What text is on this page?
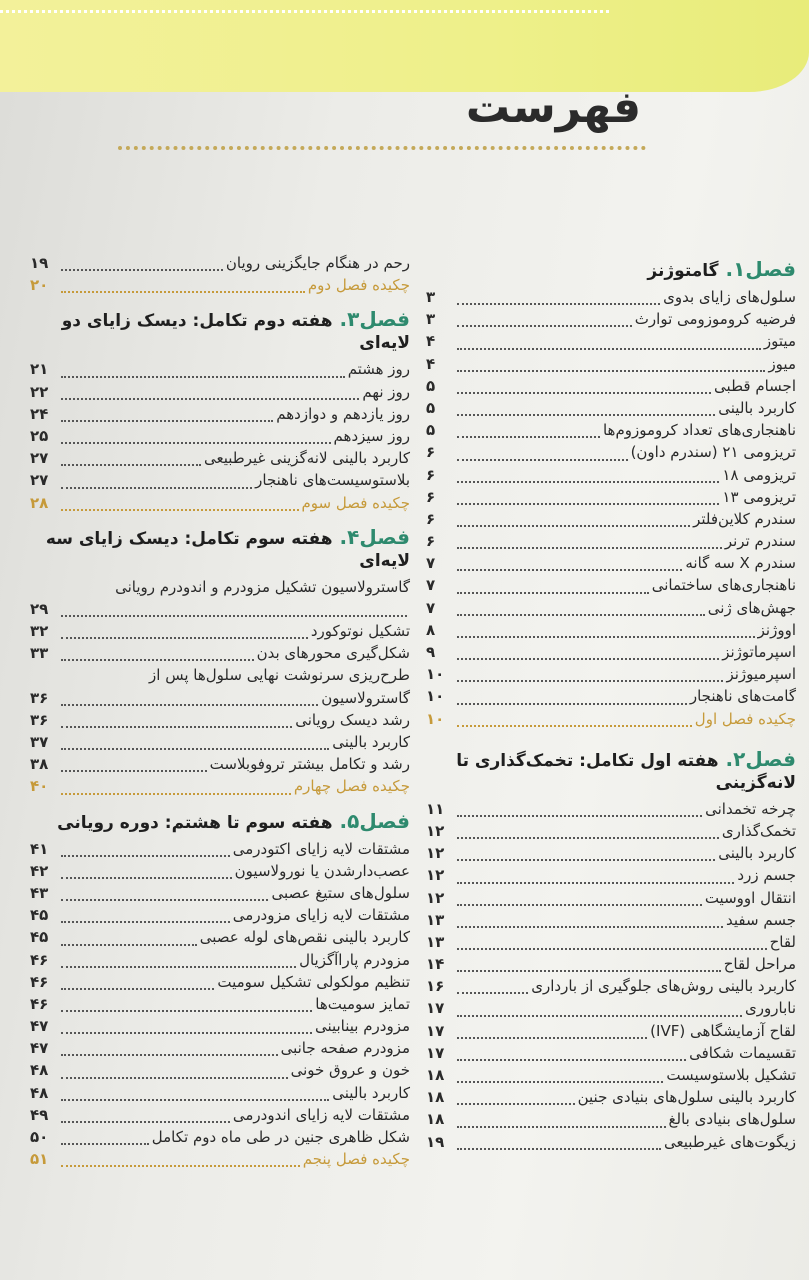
فهرست
فصل۱. گامتوژنز
سلول‌های زایای بدوی
۳
فرضیه کروموزومی توارث
۳
میتوز
۴
میوز
۴
اجسام قطبی
۵
کاربرد بالینی
۵
ناهنجاری‌های تعداد کروموزوم‌ها
۵
تریزومی ۲۱ (سندرم داون)
۶
تریزومی ۱۸
۶
تریزومی ۱۳
۶
سندرم کلاین‌فلتر
۶
سندرم ترنر
۶
سندرم X سه گانه
۷
ناهنجاری‌های ساختمانی
۷
جهش‌های ژنی
۷
اووژنز
۸
اسپرماتوژنز
۹
اسپرمیوژنز
۱۰
گامت‌های ناهنجار
۱۰
چکیده فصل اول
۱۰
فصل۲. هفته اول تکامل: تخمک‌گذاری تا لانه‌گزینی
چرخه تخمدانی
۱۱
تخمک‌گذاری
۱۲
کاربرد بالینی
۱۲
جسم زرد
۱۲
انتقال اووسیت
۱۲
جسم سفید
۱۳
لقاح
۱۳
مراحل لقاح
۱۴
کاربرد بالینی روش‌های جلوگیری از بارداری
۱۶
ناباروری
۱۷
لقاح آزمایشگاهی (IVF)
۱۷
تقسیمات شکافی
۱۷
تشکیل بلاستوسیست
۱۸
کاربرد بالینی سلول‌های بنیادی جنین
۱۸
سلول‌های بنیادی بالغ
۱۸
زیگوت‌های غیرطبیعی
۱۹
رحم در هنگام جایگزینی رویان
۱۹
چکیده فصل دوم
۲۰
فصل۳. هفته دوم تکامل: دیسک زایای دو لایه‌ای
روز هشتم
۲۱
روز نهم
۲۲
روز یازدهم و دوازدهم
۲۴
روز سیزدهم
۲۵
کاربرد بالینی لانه‌گزینی غیرطبیعی
۲۷
بلاستوسیست‌های ناهنجار
۲۷
چکیده فصل سوم
۲۸
فصل۴. هفته سوم تکامل: دیسک زایای سه لایه‌ای
گاسترولاسیون تشکیل مزودرم و اندودرم رویانی
۲۹
تشکیل نوتوکورد
۳۲
شکل‌گیری محورهای بدن
۳۳
طرح‌ریزی سرنوشت نهایی سلول‌ها پس از
گاسترولاسیون
۳۶
رشد دیسک رویانی
۳۶
کاربرد بالینی
۳۷
رشد و تکامل بیشتر تروفوبلاست
۳۸
چکیده فصل چهارم
۴۰
فصل۵. هفته سوم تا هشتم: دوره رویانی
مشتقات لایه زایای اکتودرمی
۴۱
عصب‌دارشدن یا نورولاسیون
۴۲
سلول‌های ستیغ عصبی
۴۳
مشتقات لایه زایای مزودرمی
۴۵
کاربرد بالینی نقص‌های لوله عصبی
۴۵
مزودرم پاراآگزیال
۴۶
تنظیم مولکولی تشکیل سومیت
۴۶
تمایز سومیت‌ها
۴۶
مزودرم بینابینی
۴۷
مزودرم صفحه جانبی
۴۷
خون و عروق خونی
۴۸
کاربرد بالینی
۴۸
مشتقات لایه زایای اندودرمی
۴۹
شکل ظاهری جنین در طی ماه دوم تکامل
۵۰
چکیده فصل پنجم
۵۱
